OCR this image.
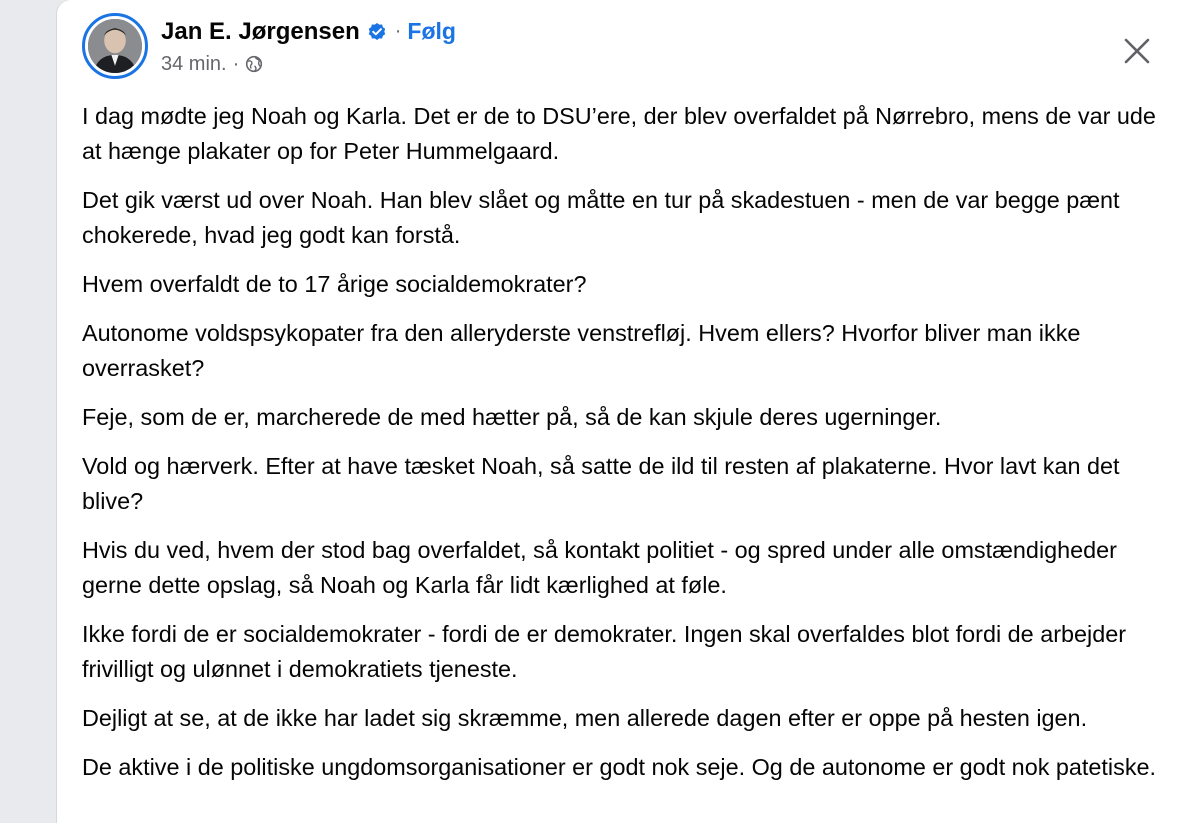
Jan E. Jørgensen · Følg
34 min. ·

I dag mødte jeg Noah og Karla. Det er de to DSU’ere, der blev overfaldet på Nørrebro, mens de var ude at hænge plakater op for Peter Hummelgaard.

Det gik værst ud over Noah. Han blev slået og måtte en tur på skadestuen - men de var begge pænt chokerede, hvad jeg godt kan forstå.

Hvem overfaldt de to 17 årige socialdemokrater?

Autonome voldspsykopater fra den alleryderste venstrefløj. Hvem ellers? Hvorfor bliver man ikke overrasket?

Feje, som de er, marcherede de med hætter på, så de kan skjule deres ugerninger.

Vold og hærverk. Efter at have tæsket Noah, så satte de ild til resten af plakaterne. Hvor lavt kan det blive?

Hvis du ved, hvem der stod bag overfaldet, så kontakt politiet - og spred under alle omstændigheder gerne dette opslag, så Noah og Karla får lidt kærlighed at føle.

Ikke fordi de er socialdemokrater - fordi de er demokrater. Ingen skal overfaldes blot fordi de arbejder frivilligt og ulønnet i demokratiets tjeneste.

Dejligt at se, at de ikke har ladet sig skræmme, men allerede dagen efter er oppe på hesten igen.

De aktive i de politiske ungdomsorganisationer er godt nok seje. Og de autonome er godt nok patetiske.
